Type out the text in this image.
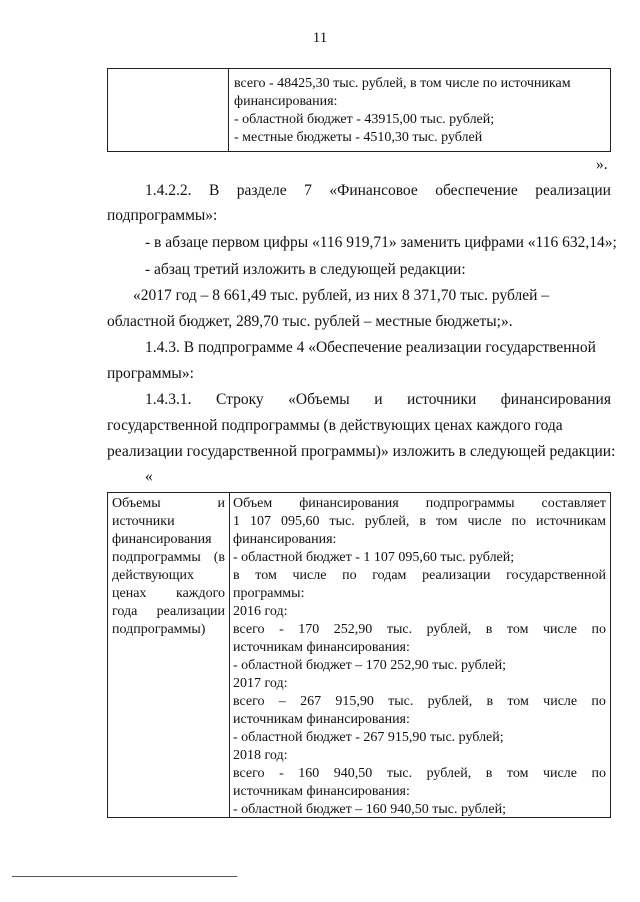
11
всего - 48425,30 тыс. рублей, в том числе по источникам
финансирования:
- областной бюджет - 43915,00 тыс. рублей;
- местные бюджеты - 4510,30 тыс. рублей
».
1.4.2.2. В разделе 7 «Финансовое обеспечение реализации
подпрограммы»:
- в абзаце первом цифры «116 919,71» заменить цифрами «116 632,14»;
- абзац третий изложить в следующей редакции:
«2017 год – 8 661,49 тыс. рублей, из них 8 371,70 тыс. рублей –
областной бюджет, 289,70 тыс. рублей – местные бюджеты;».
1.4.3. В подпрограмме 4 «Обеспечение реализации государственной
программы»:
1.4.3.1. Строку «Объемы и источники финансирования
государственной подпрограммы (в действующих ценах каждого года
реализации государственной программы)» изложить в следующей редакции:
«
Объемы	и
источники
финансирования
подпрограммы (в
действующих
ценах каждого
года реализации
подпрограммы)
Объем финансирования подпрограммы составляет
1 107 095,60 тыс. рублей, в том числе по источникам
финансирования:
- областной бюджет - 1 107 095,60 тыс. рублей;
в том числе по годам реализации государственной
программы:
2016 год:
всего - 170 252,90 тыс. рублей, в том числе по
источникам финансирования:
- областной бюджет – 170 252,90 тыс. рублей;
2017 год:
всего – 267 915,90 тыс. рублей, в том числе по
источникам финансирования:
- областной бюджет - 267 915,90 тыс. рублей;
2018 год:
всего - 160 940,50 тыс. рублей, в том числе по
источникам финансирования:
- областной бюджет – 160 940,50 тыс. рублей;
